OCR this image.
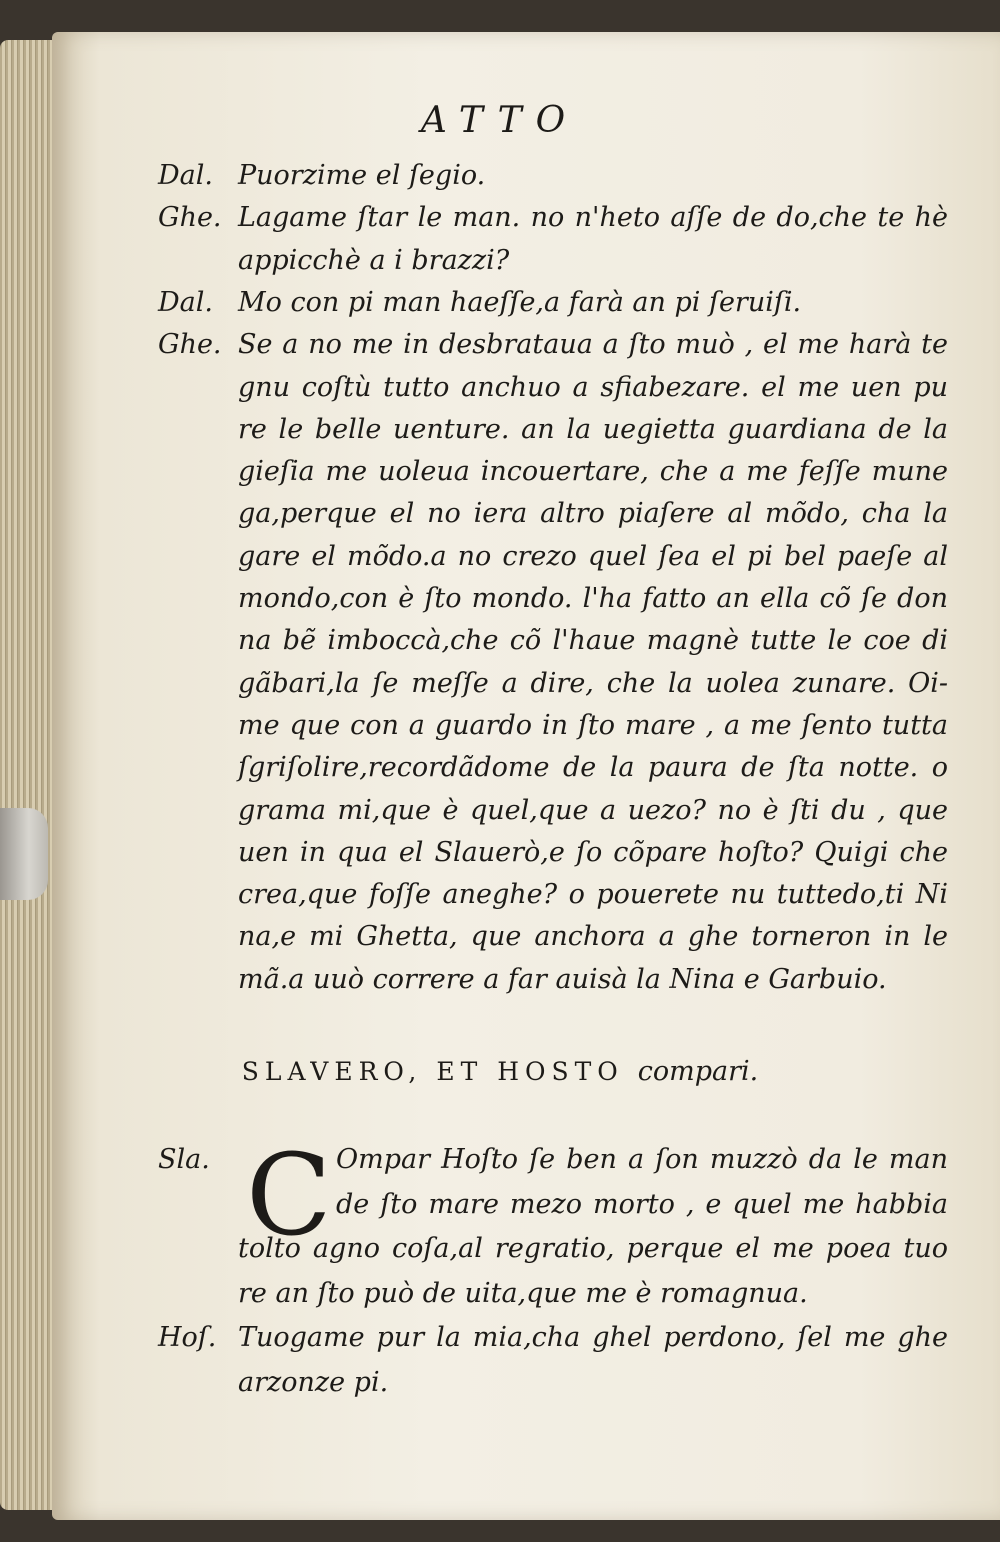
ATTO
Dal. Puorzime el ſegio.
Ghe. Lagame ſtar le man. no n'heto aſſe de do,che te hè
appicchè a i brazzi?
Dal. Mo con pi man haeſſe,a farà an pi ſeruiſi.
Ghe. Se a no me in desbrataua a ſto muò , el me harà te
gnu coſtù tutto anchuo a sfiabezare. el me uen pu
re le belle uenture. an la uegietta guardiana de la
gieſia me uoleua incouertare, che a me feſſe mune
ga,perque el no iera altro piaſere al mõdo, cha la
gare el mõdo.a no crezo quel ſea el pi bel paeſe al
mondo,con è ſto mondo. l'ha fatto an ella cõ ſe don
na bẽ imboccà,che cõ l'haue magnè tutte le coe di
gãbari,la ſe meſſe a dire, che la uolea zunare. Oi-
me que con a guardo in ſto mare , a me ſento tutta
ſgriſolire,recordãdome de la paura de ſta notte. o
grama mi,que è quel,que a uezo? no è ſti du , que
uen in qua el Slauerò,e ſo cõpare hoſto? Quigi che
crea,que foſſe aneghe? o pouerete nu tuttedo,ti Ni
na,e mi Ghetta, que anchora a ghe torneron in le
mã.a uuò correre a far auisà la Nina e Garbuio.
SLAVERO, ET HOSTO compari.
C
Sla.	Ompar Hoſto ſe ben a ſon muzzò da le man
de ſto mare mezo morto , e quel me habbia
tolto agno coſa,al regratio, perque el me poea tuo
re an ſto può de uita,que me è romagnua.
Hoſ. Tuogame pur la mia,cha ghel perdono, ſel me ghe
arzonze pi.
